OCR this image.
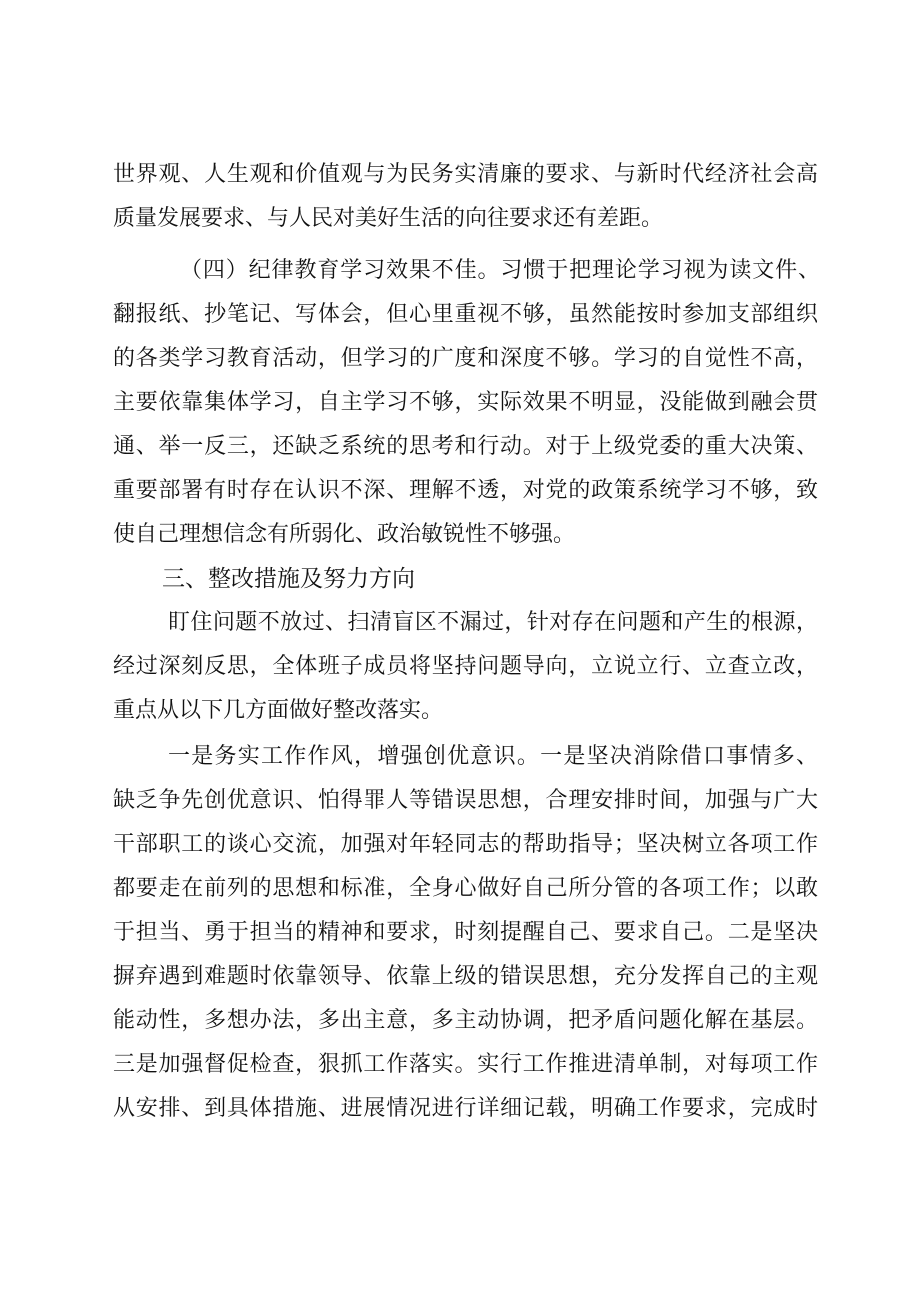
世界观、人生观和价值观与为民务实清廉的要求、与新时代经济社会高
质量发展要求、与人民对美好生活的向往要求还有差距。
（四）纪律教育学习效果不佳。习惯于把理论学习视为读文件、
翻报纸、抄笔记、写体会，但心里重视不够，虽然能按时参加支部组织
的各类学习教育活动，但学习的广度和深度不够。学习的自觉性不高，
主要依靠集体学习，自主学习不够，实际效果不明显，没能做到融会贯
通、举一反三，还缺乏系统的思考和行动。对于上级党委的重大决策、
重要部署有时存在认识不深、理解不透，对党的政策系统学习不够，致
使自己理想信念有所弱化、政治敏锐性不够强。
三、整改措施及努力方向
盯住问题不放过、扫清盲区不漏过，针对存在问题和产生的根源，
经过深刻反思，全体班子成员将坚持问题导向，立说立行、立查立改，
重点从以下几方面做好整改落实。
一是务实工作作风，增强创优意识。一是坚决消除借口事情多、
缺乏争先创优意识、怕得罪人等错误思想，合理安排时间，加强与广大
干部职工的谈心交流，加强对年轻同志的帮助指导；坚决树立各项工作
都要走在前列的思想和标准，全身心做好自己所分管的各项工作；以敢
于担当、勇于担当的精神和要求，时刻提醒自己、要求自己。二是坚决
摒弃遇到难题时依靠领导、依靠上级的错误思想，充分发挥自己的主观
能动性，多想办法，多出主意，多主动协调，把矛盾问题化解在基层。
三是加强督促检查，狠抓工作落实。实行工作推进清单制，对每项工作
从安排、到具体措施、进展情况进行详细记载，明确工作要求，完成时
